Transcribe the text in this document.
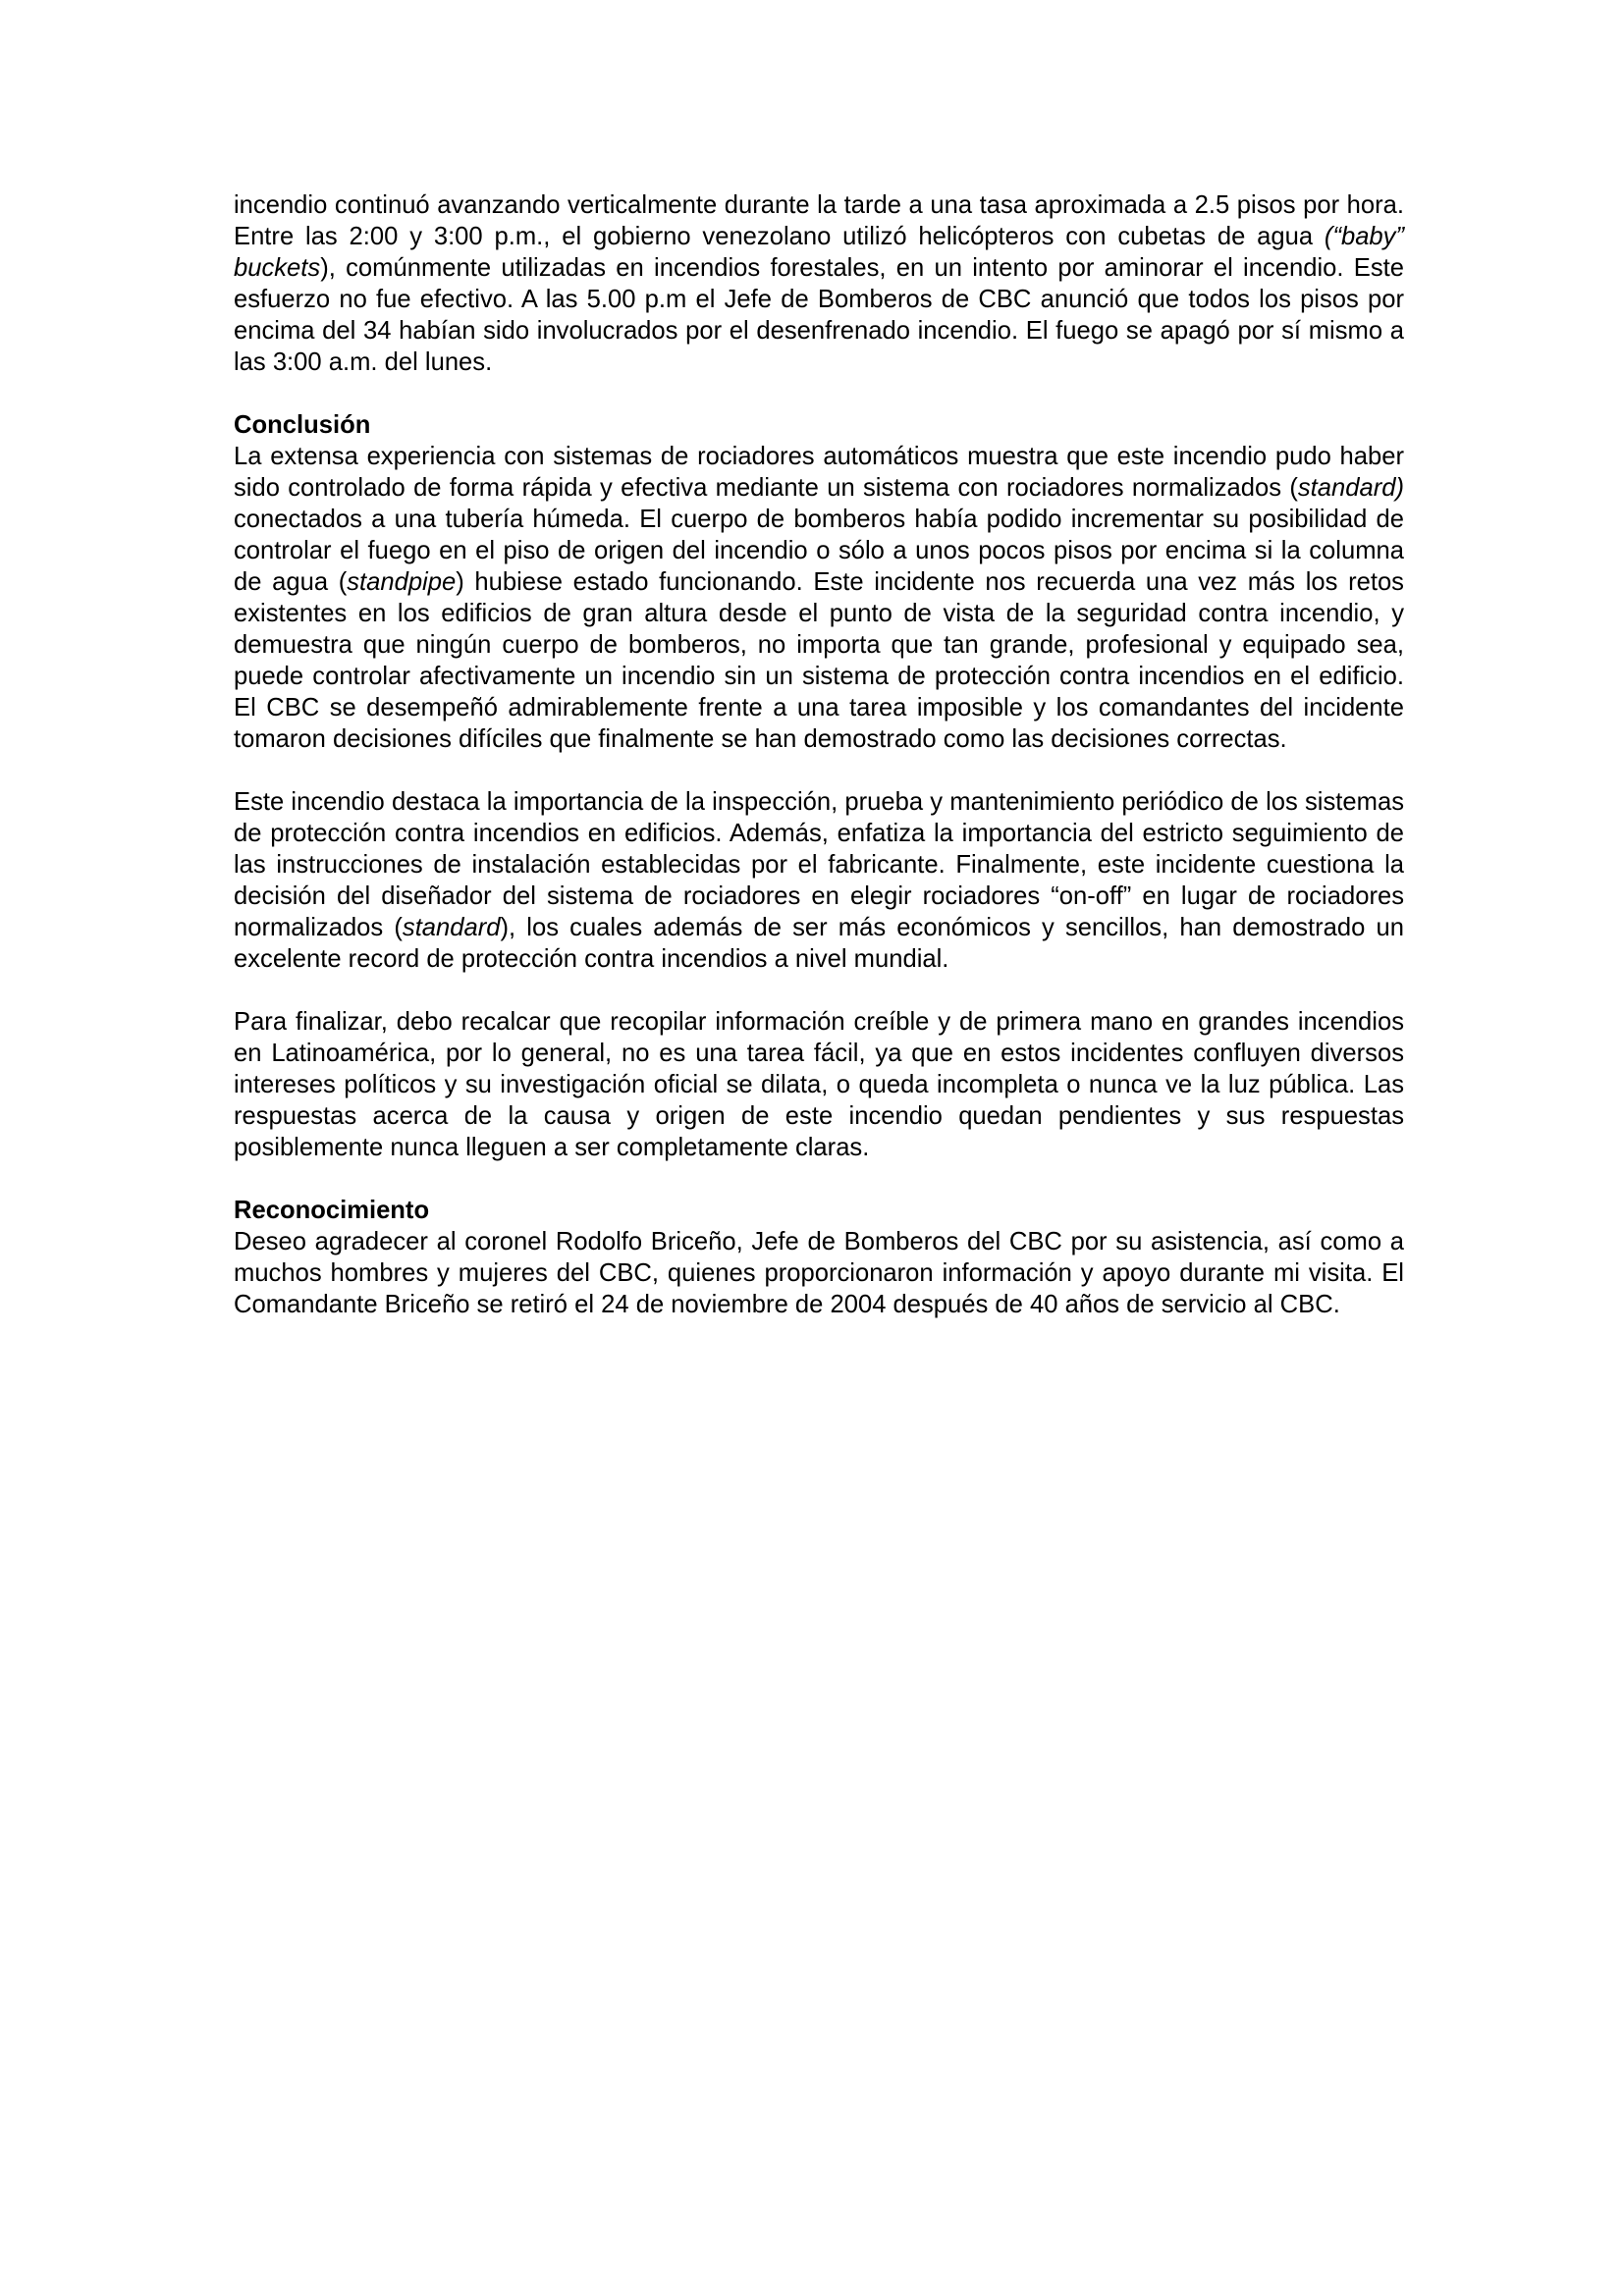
incendio continuó avanzando verticalmente durante la tarde a una tasa aproximada a 2.5 pisos por hora. Entre las 2:00 y 3:00 p.m., el gobierno venezolano utilizó helicópteros con cubetas de agua (“baby” buckets), comúnmente utilizadas en incendios forestales, en un intento por aminorar el incendio. Este esfuerzo no fue efectivo. A las 5.00 p.m el Jefe de Bomberos de CBC anunció que todos los pisos por encima del 34 habían sido involucrados por el desenfrenado incendio. El fuego se apagó por sí mismo a las 3:00 a.m. del lunes.

Conclusión

La extensa experiencia con sistemas de rociadores automáticos muestra que este incendio pudo haber sido controlado de forma rápida y efectiva mediante un sistema con rociadores normalizados (standard) conectados a una tubería húmeda. El cuerpo de bomberos había podido incrementar su posibilidad de controlar el fuego en el piso de origen del incendio o sólo a unos pocos pisos por encima si la columna de agua (standpipe) hubiese estado funcionando. Este incidente nos recuerda una vez más los retos existentes en los edificios de gran altura desde el punto de vista de la seguridad contra incendio, y demuestra que ningún cuerpo de bomberos, no importa que tan grande, profesional y equipado sea, puede controlar afectivamente un incendio sin un sistema de protección contra incendios en el edificio. El CBC se desempeñó admirablemente frente a una tarea imposible y los comandantes del incidente tomaron decisiones difíciles que finalmente se han demostrado como las decisiones correctas.

Este incendio destaca la importancia de la inspección, prueba y mantenimiento periódico de los sistemas de protección contra incendios en edificios. Además, enfatiza la importancia del estricto seguimiento de las instrucciones de instalación establecidas por el fabricante. Finalmente, este incidente cuestiona la decisión del diseñador del sistema de rociadores en elegir rociadores “on-off” en lugar de rociadores normalizados (standard), los cuales además de ser más económicos y sencillos, han demostrado un excelente record de protección contra incendios a nivel mundial.

Para finalizar, debo recalcar que recopilar información creíble y de primera mano en grandes incendios en Latinoamérica, por lo general, no es una tarea fácil, ya que en estos incidentes confluyen diversos intereses políticos y su investigación oficial se dilata, o queda incompleta o nunca ve la luz pública. Las respuestas acerca de la causa y origen de este incendio quedan pendientes y sus respuestas posiblemente nunca lleguen a ser completamente claras.

Reconocimiento

Deseo agradecer al coronel Rodolfo Briceño, Jefe de Bomberos del CBC por su asistencia, así como a muchos hombres y mujeres del CBC, quienes proporcionaron información y apoyo durante mi visita. El Comandante Briceño se retiró el 24 de noviembre de 2004 después de 40 años de servicio al CBC.
